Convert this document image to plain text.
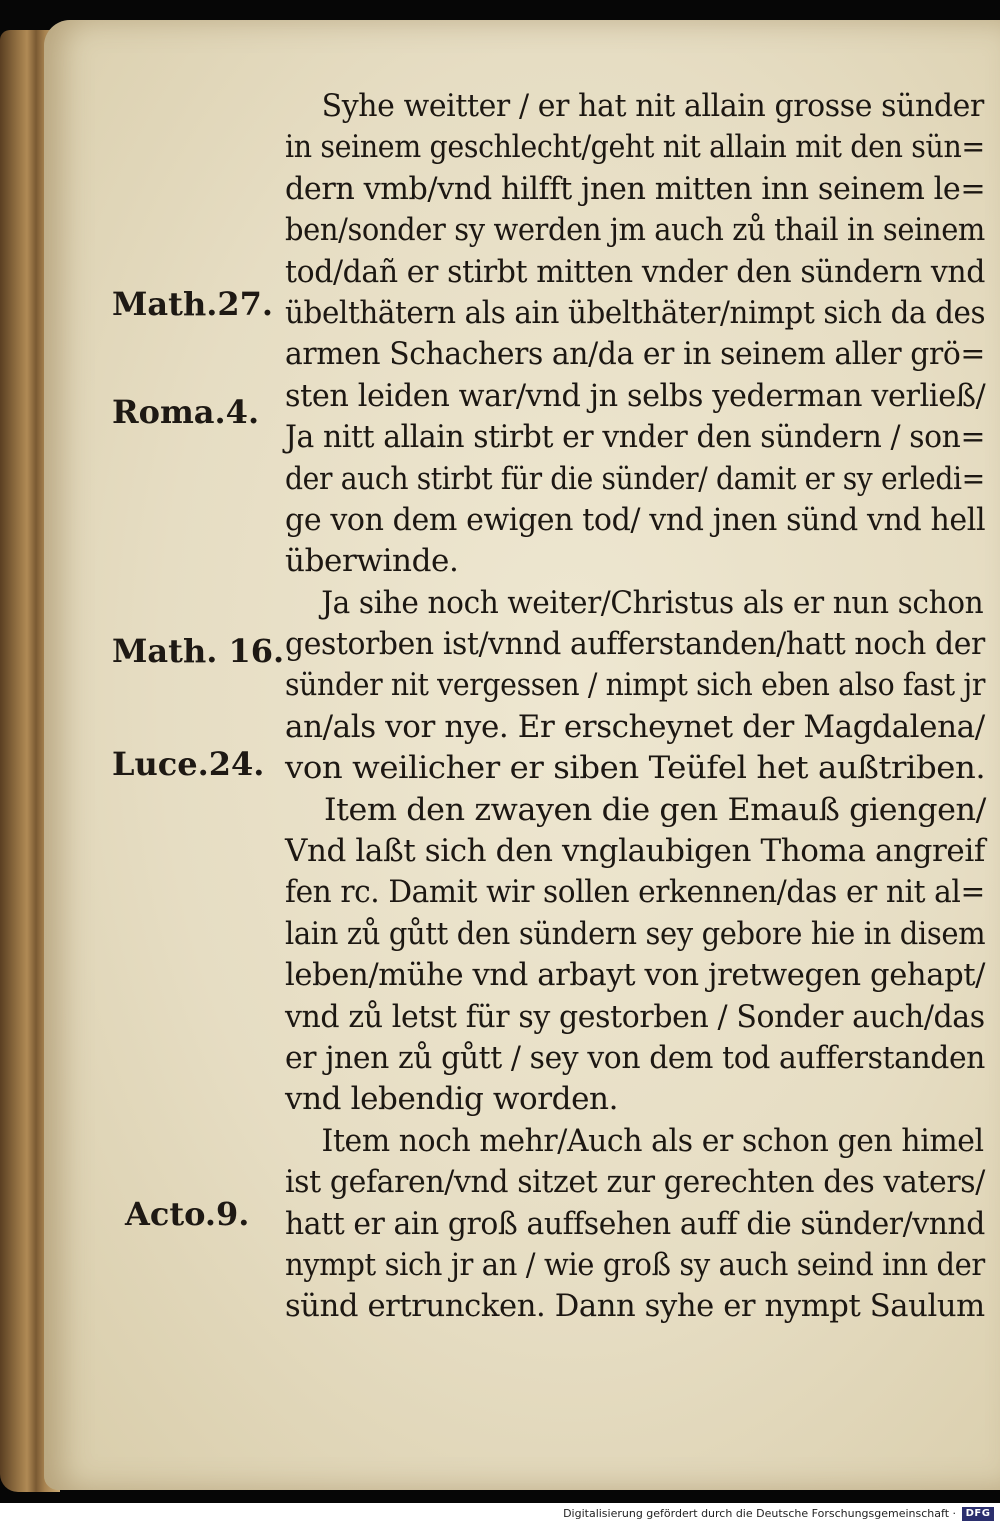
Syhe weitter / er hat nit allain grosse sünder
in seinem geschlecht/geht nit allain mit den sün=
dern vmb/vnd hilfft jnen mitten inn seinem le=
ben/sonder sy werden jm auch zů thail in seinem
tod/dañ er stirbt mitten vnder den sündern vnd
übelthätern als ain übelthäter/nimpt sich da des
armen Schachers an/da er in seinem aller grö=
sten leiden war/vnd jn selbs yederman verließ/
Ja nitt allain stirbt er vnder den sündern / son=
der auch stirbt für die sünder/ damit er sy erledi=
ge von dem ewigen tod/ vnd jnen sünd vnd hell
überwinde.
Ja sihe noch weiter/Christus als er nun schon
gestorben ist/vnnd aufferstanden/hatt noch der
sünder nit vergessen / nimpt sich eben also fast jr
an/als vor nye. Er erscheynet der Magdalena/
von weilicher er siben Teüfel het außtriben.
Item den zwayen die gen Emauß giengen/
Vnd laßt sich den vnglaubigen Thoma angreif
fen rc. Damit wir sollen erkennen/das er nit al=
lain zů gůtt den sündern sey gebore hie in disem
leben/mühe vnd arbayt von jretwegen gehapt/
vnd zů letst für sy gestorben / Sonder auch/das
er jnen zů gůtt / sey von dem tod aufferstanden
vnd lebendig worden.
Item noch mehr/Auch als er schon gen himel
ist gefaren/vnd sitzet zur gerechten des vaters/
hatt er ain groß auffsehen auff die sünder/vnnd
nympt sich jr an / wie groß sy auch seind inn der
sünd ertruncken. Dann syhe er nympt Saulum
Math.27.
Roma.4.
Math. 16.
Luce.24.
Acto.9.
Digitalisierung gefördert durch die Deutsche Forschungsgemeinschaft · DFG
